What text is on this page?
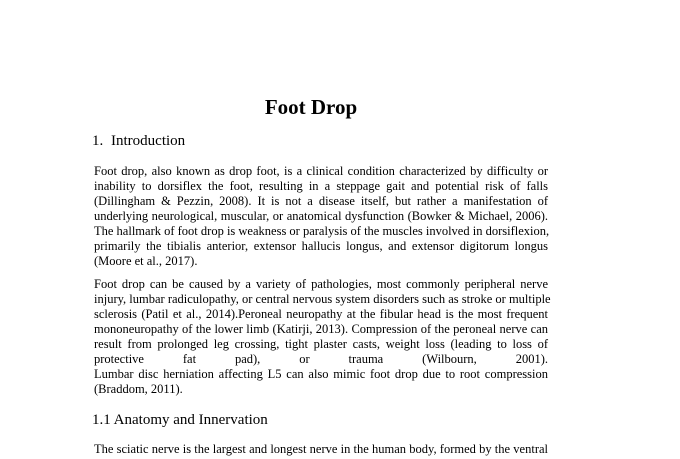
Foot Drop
1. Introduction
Foot drop, also known as drop foot, is a clinical condition characterized by difficulty or
inability to dorsiflex the foot, resulting in a steppage gait and potential risk of falls
(Dillingham & Pezzin, 2008). It is not a disease itself, but rather a manifestation of
underlying neurological, muscular, or anatomical dysfunction (Bowker & Michael, 2006).
The hallmark of foot drop is weakness or paralysis of the muscles involved in dorsiflexion,
primarily the tibialis anterior, extensor hallucis longus, and extensor digitorum longus
(Moore et al., 2017).
Foot drop can be caused by a variety of pathologies, most commonly peripheral nerve
injury, lumbar radiculopathy, or central nervous system disorders such as stroke or multiple
sclerosis (Patil et al., 2014).Peroneal neuropathy at the fibular head is the most frequent
mononeuropathy of the lower limb (Katirji, 2013). Compression of the peroneal nerve can
result from prolonged leg crossing, tight plaster casts, weight loss (leading to loss of
protective fat pad), or trauma (Wilbourn, 2001).
Lumbar disc herniation affecting L5 can also mimic foot drop due to root compression
(Braddom, 2011).
1.1 Anatomy and Innervation
The sciatic nerve is the largest and longest nerve in the human body, formed by the ventral
